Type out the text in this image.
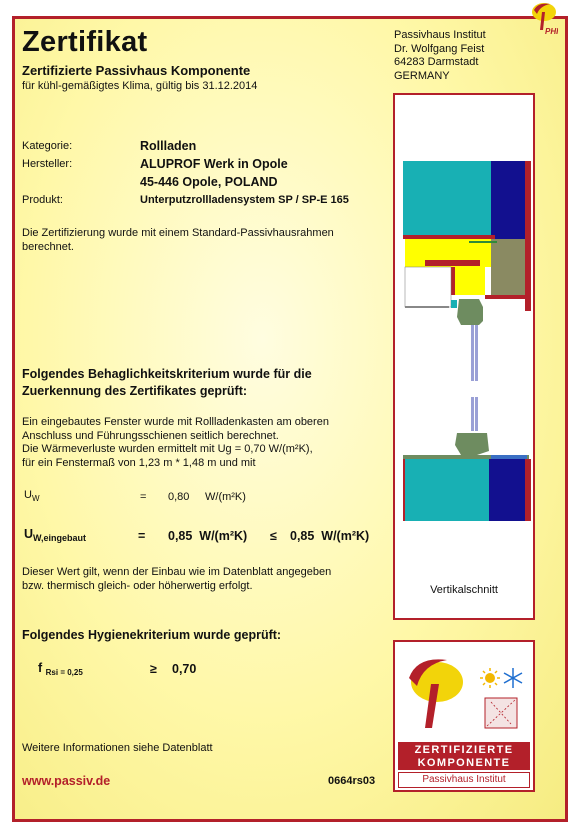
Zertifikat
Zertifizierte Passivhaus Komponente
für kühl-gemäßigtes Klima, gültig bis 31.12.2014
Passivhaus Institut
Dr. Wolfgang Feist
64283 Darmstadt
GERMANY
PHI
Kategorie:	Rollladen
Hersteller:	ALUPROF Werk in Opole
45-446 Opole, POLAND
Produkt:	Unterputzrollladensystem SP / SP-E 165
Die Zertifizierung wurde mit einem Standard-Passivhausrahmen
berechnet.
Folgendes Behaglichkeitskriterium wurde für die
Zuerkennung des Zertifikates geprüft:
Ein eingebautes Fenster wurde mit Rollladenkasten am oberen
Anschluss und Führungsschienen seitlich berechnet.
Die Wärmeverluste wurden ermittelt mit Ug = 0,70 W/(m²K),
für ein Fenstermaß von 1,23 m * 1,48 m und mit
$U_W$	= 0,80 W/(m²K)
$U_{W,eingebaut}$	= 0,85  W/(m²K) ≤ 0,85  W/(m²K)
Dieser Wert gilt, wenn der Einbau wie im Datenblatt angegeben
bzw. thermisch gleich- oder höherwertig erfolgt.
Folgendes Hygienekriterium wurde geprüft:
f $_{Rsi = 0,25}$	≥ 0,70
Weitere Informationen siehe Datenblatt
Vertikalschnitt
ZERTIFIZIERTE
KOMPONENTE
Passivhaus Institut
www.passiv.de	0664rs03
